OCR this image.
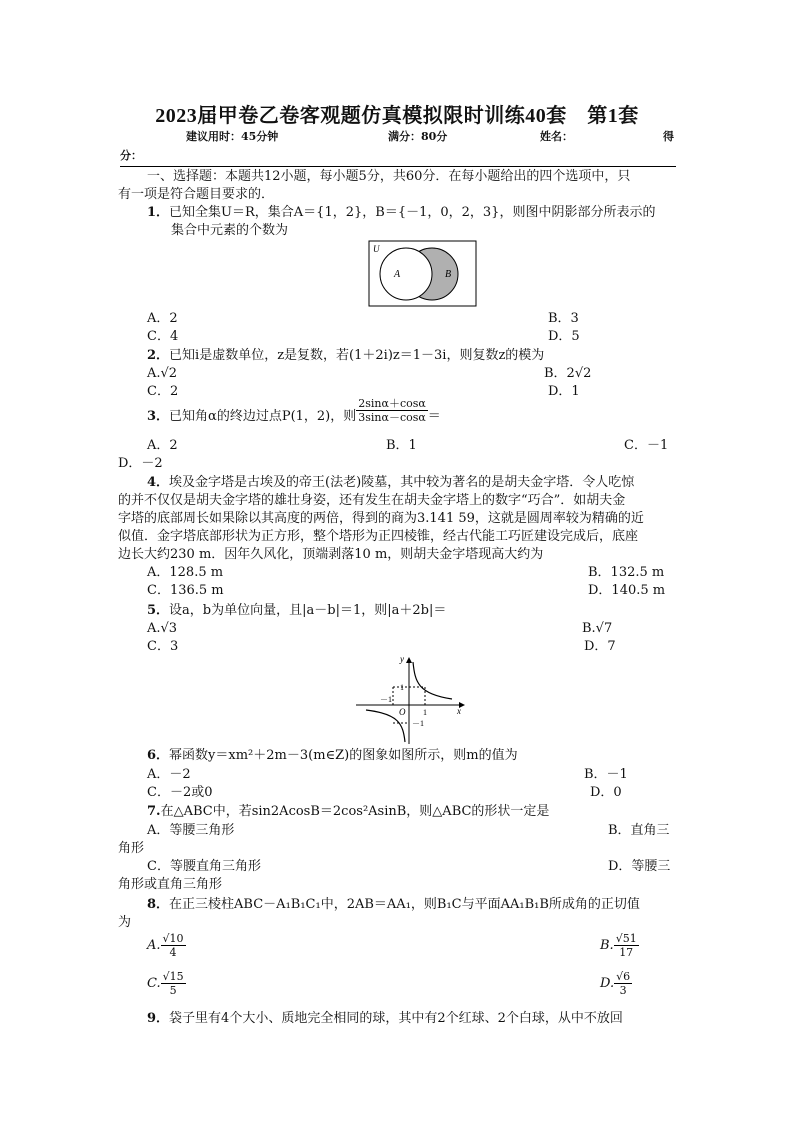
2023届甲卷乙卷客观题仿真模拟限时训练40套　第1套
建议用时：45分钟	满分：80分	姓名：	得
分：
一、选择题：本题共12小题，每小题5分，共60分．在每小题给出的四个选项中，只
有一项是符合题目要求的．
1．已知全集U＝R，集合A＝{1，2}，B＝{－1，0，2，3}，则图中阴影部分所表示的
集合中元素的个数为
U
A	B
A．2	B．3
C．4	D．5
2．已知i是虚数单位，z是复数，若(1＋2i)z＝1－3i，则复数z的模为
A.√2	B．2√2
C．2	D．1
3．已知角α的终边过点P(1，2)，则 $\frac{2\sin\alpha+\cos\alpha}{3\sin\alpha-\cos\alpha}$ ＝
A．2	B．1	C．－1
D．－2
4．埃及金字塔是古埃及的帝王(法老)陵墓，其中较为著名的是胡夫金字塔．令人吃惊
的并不仅仅是胡夫金字塔的雄壮身姿，还有发生在胡夫金字塔上的数字“巧合”．如胡夫金
字塔的底部周长如果除以其高度的两倍，得到的商为3.141 59，这就是圆周率较为精确的近
似值．金字塔底部形状为正方形，整个塔形为正四棱锥，经古代能工巧匠建设完成后，底座
边长大约230 m．因年久风化，顶端剥落10 m，则胡夫金字塔现高大约为
A．128.5 m	B．132.5 m
C．136.5 m	D．140.5 m
5．设a，b为单位向量，且|a－b|＝1，则|a＋2b|＝
A.√3	B.√7
C．3	D．7
y
x
O 1
－1
1
－1
6．幂函数y＝xm²＋2m－3(m∈Z)的图象如图所示，则m的值为
A．－2	B．－1
C．－2或0	D．0
7.在△ABC中，若sin2AcosB＝2cos²AsinB，则△ABC的形状一定是
A．等腰三角形	B．直角三
角形
C．等腰直角三角形	D．等腰三
角形或直角三角形
8．在正三棱柱ABC－A₁B₁C₁中，2AB＝AA₁，则B₁C与平面AA₁B₁B所成角的正切值
为
A. $\frac{√10}{4}$	B. $\frac{√51}{17}$
C. $\frac{√15}{5}$	D. $\frac{√6}{3}$
9．袋子里有4个大小、质地完全相同的球，其中有2个红球、2个白球，从中不放回
